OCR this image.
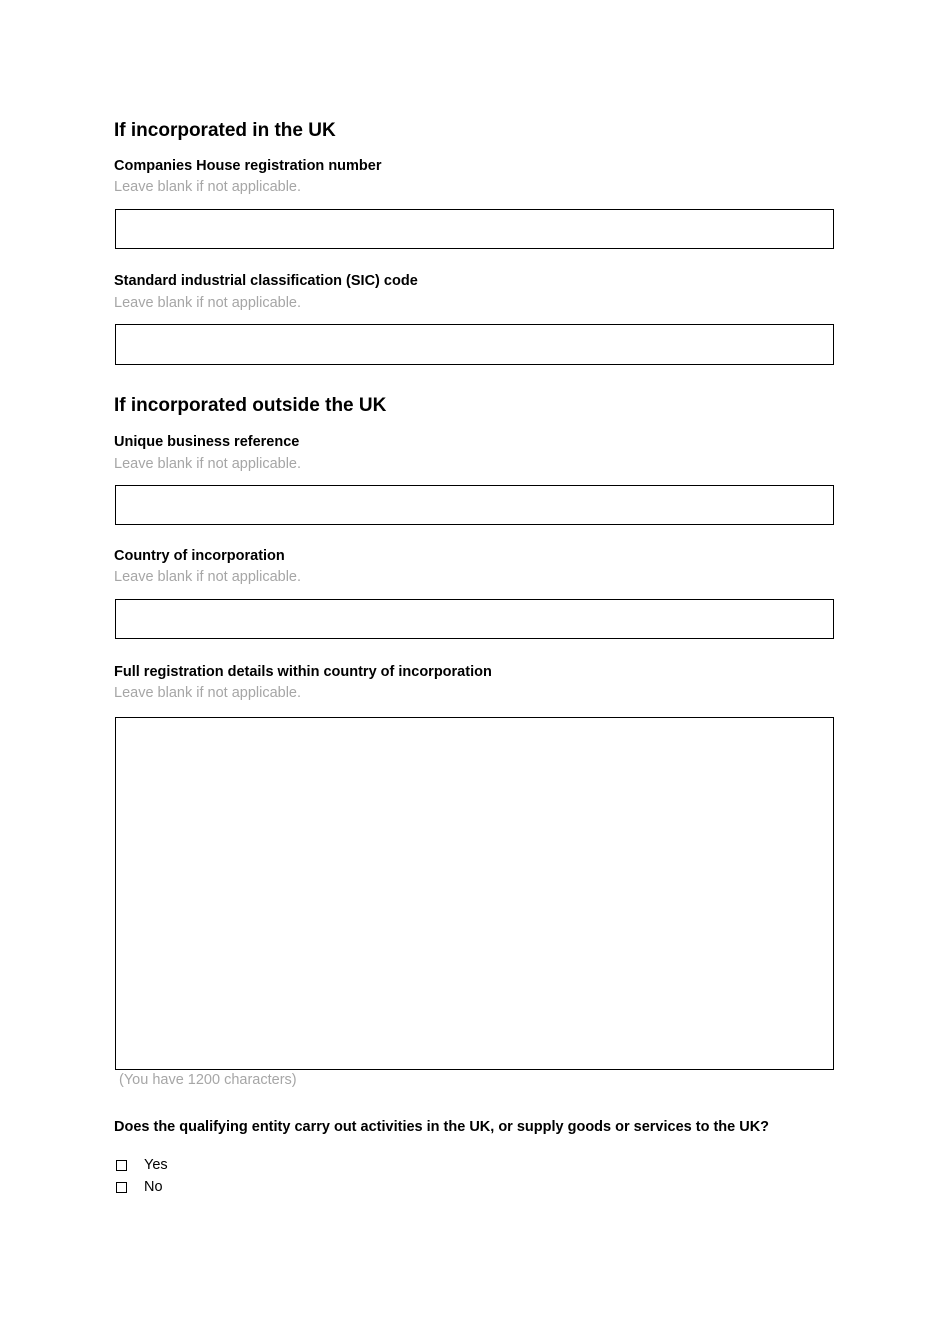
If incorporated in the UK
Companies House registration number
Leave blank if not applicable.
Standard industrial classification (SIC) code
Leave blank if not applicable.
If incorporated outside the UK
Unique business reference
Leave blank if not applicable.
Country of incorporation
Leave blank if not applicable.
Full registration details within country of incorporation
Leave blank if not applicable.
(You have 1200 characters)
Does the qualifying entity carry out activities in the UK, or supply goods or services to the UK?
Yes
No
